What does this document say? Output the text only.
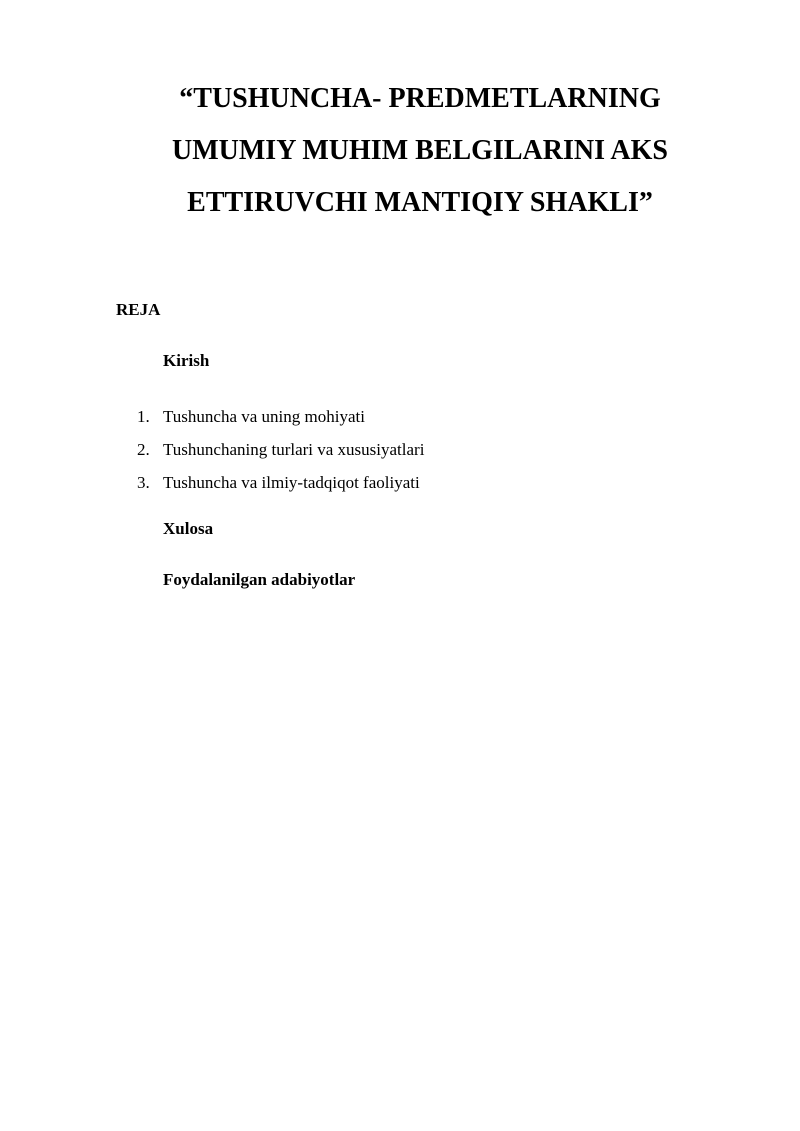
“TUSHUNCHA- PREDMETLARNING
UMUMIY MUHIM BELGILARINI AKS
ETTIRUVCHI MANTIQIY SHAKLI”

REJA

Kirish

1. Tushuncha va uning mohiyati
2. Tushunchaning turlari va xususiyatlari
3. Tushuncha va ilmiy-tadqiqot faoliyati

Xulosa

Foydalanilgan adabiyotlar
